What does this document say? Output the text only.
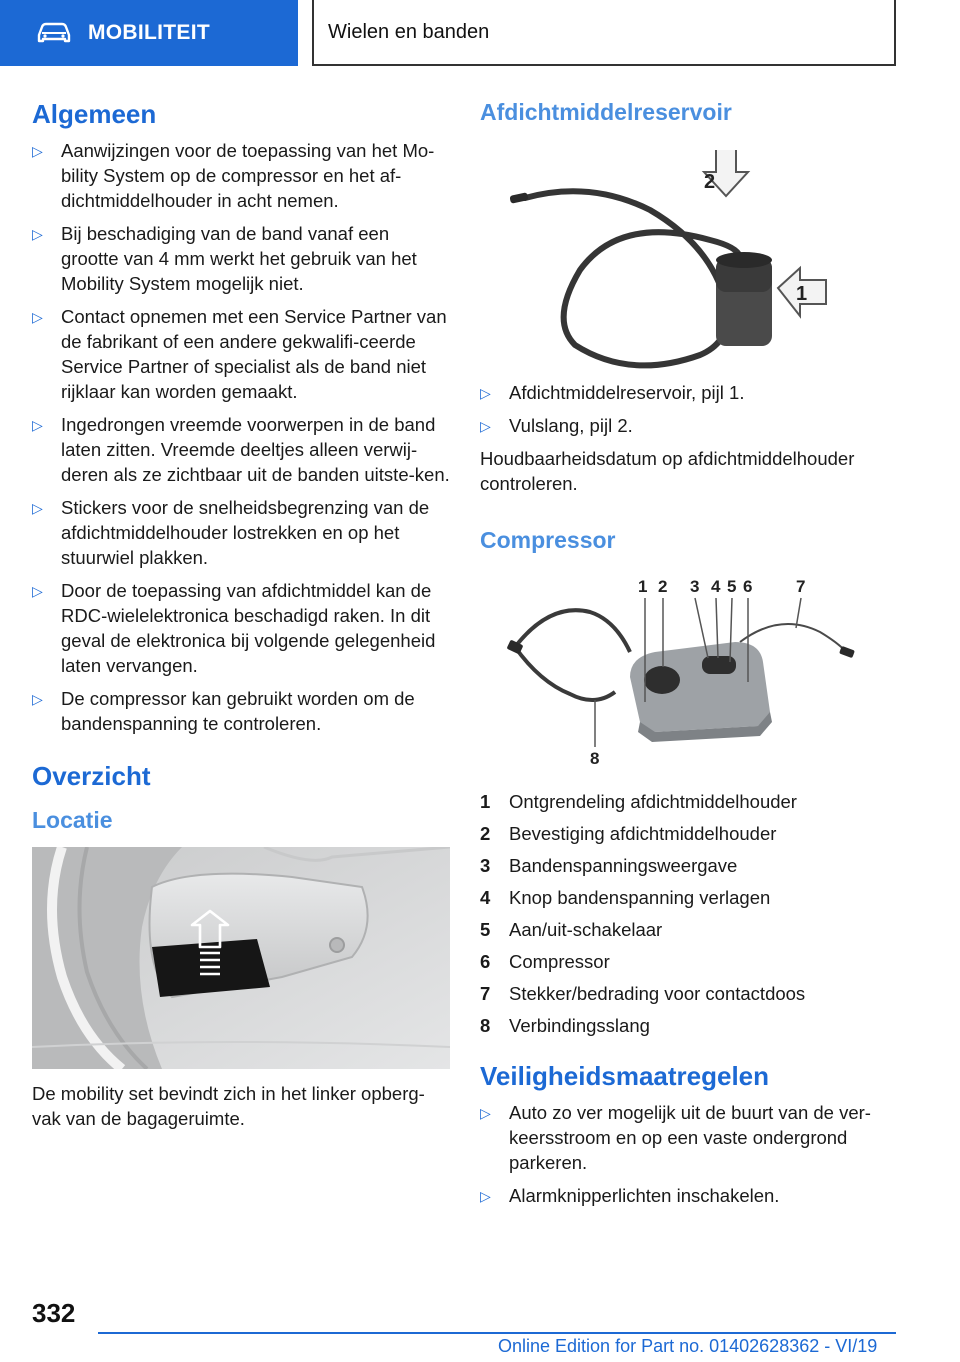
MOBILITEIT	Wielen en banden
Algemeen
▷ Aanwijzingen voor de toepassing van het Mo-bility System op de compressor en het af-dichtmiddelhouder in acht nemen.
▷ Bij beschadiging van de band vanaf een grootte van 4 mm werkt het gebruik van het Mobility System mogelijk niet.
▷ Contact opnemen met een Service Partner van de fabrikant of een andere gekwalifi-ceerde Service Partner of specialist als de band niet rijklaar kan worden gemaakt.
▷ Ingedrongen vreemde voorwerpen in de band laten zitten. Vreemde deeltjes alleen verwij-deren als ze zichtbaar uit de banden uitste-ken.
▷ Stickers voor de snelheidsbegrenzing van de afdichtmiddelhouder lostrekken en op het stuurwiel plakken.
▷ Door de toepassing van afdichtmiddel kan de RDC-wielelektronica beschadigd raken. In dit geval de elektronica bij volgende gelegenheid laten vervangen.
▷ De compressor kan gebruikt worden om de bandenspanning te controleren.
Overzicht
Locatie

De mobility set bevindt zich in het linker opberg-vak van de bagageruimte.

Afdichtmiddelreservoir
2
1
▷ Afdichtmiddelreservoir, pijl 1.
▷ Vulslang, pijl 2.

Houdbaarheidsdatum op afdichtmiddelhouder controleren.

Compressor
1 2 3 4 5 6	7
8
1	Ontgrendeling afdichtmiddelhouder
2	Bevestiging afdichtmiddelhouder
3	Bandenspanningsweergave
4	Knop bandenspanning verlagen
5	Aan/uit-schakelaar
6	Compressor
7	Stekker/bedrading voor contactdoos
8	Verbindingsslang
Veiligheidsmaatregelen
▷ Auto zo ver mogelijk uit de buurt van de ver-keersstroom en op een vaste ondergrond parkeren.
▷ Alarmknipperlichten inschakelen.
332
Online Edition for Part no. 01402628362 - VI/19
